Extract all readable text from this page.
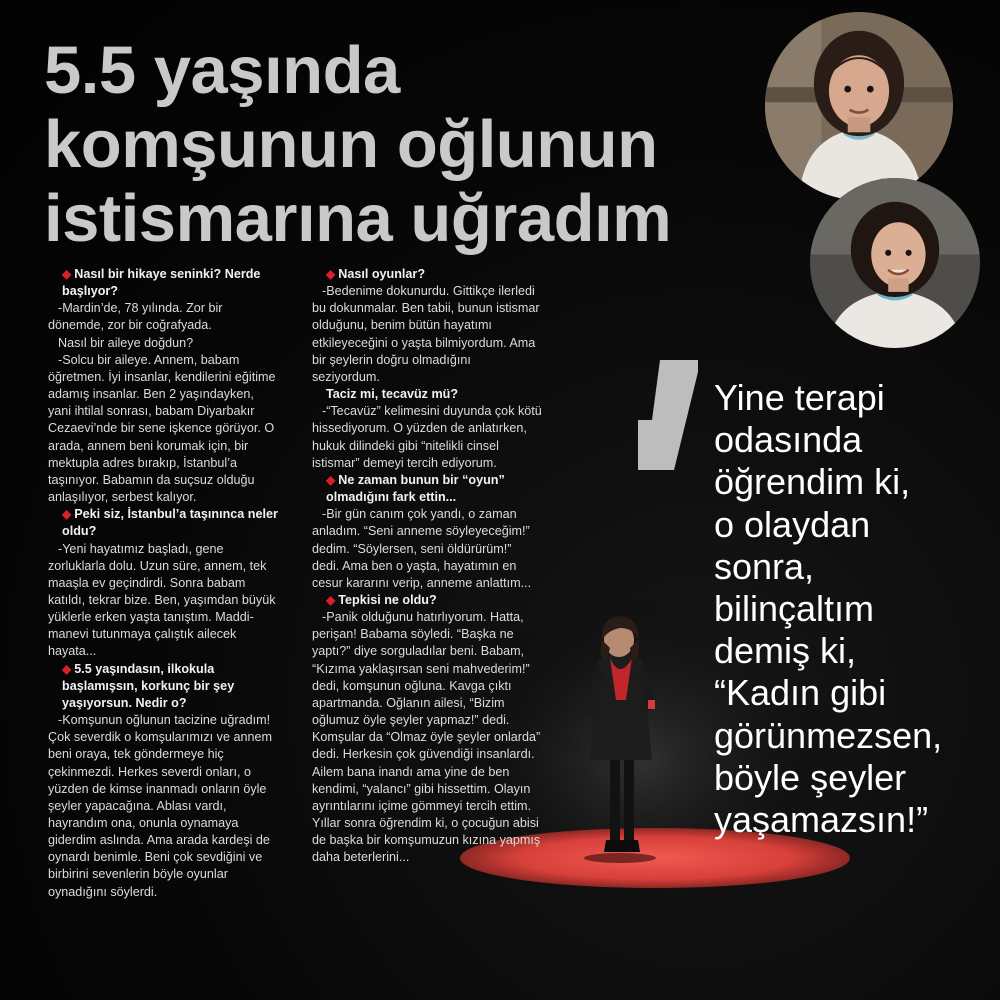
5.5 yaşında
komşunun oğlunun
istismarına uğradım
◆ Nasıl bir hikaye seninki? Nerde başlıyor?
-Mardin’de, 78 yılında. Zor bir dönemde, zor bir coğrafyada.
Nasıl bir aileye doğdun?
-Solcu bir aileye. Annem, babam öğretmen. İyi insanlar, kendilerini eğitime adamış insanlar. Ben 2 yaşındayken, yani ihtilal sonrası, babam Diyarbakır Cezaevi’nde bir sene işkence görüyor. O arada, annem beni korumak için, bir mektupla adres bırakıp, İstanbul’a taşınıyor. Babamın da suçsuz olduğu anlaşılıyor, serbest kalıyor.
◆ Peki siz, İstanbul’a taşınınca neler oldu?
-Yeni hayatımız başladı, gene zorluklarla dolu. Uzun süre, annem, tek maaşla ev geçindirdi. Sonra babam katıldı, tekrar bize. Ben, yaşımdan büyük yüklerle erken yaşta tanıştım. Maddi-manevi tutunmaya çalıştık ailecek hayata...
◆ 5.5 yaşındasın, ilkokula başlamışsın, korkunç bir şey yaşıyorsun. Nedir o?
-Komşunun oğlunun tacizine uğradım! Çok severdik o komşularımızı ve annem beni oraya, tek göndermeye hiç çekinmezdi. Herkes severdi onları, o yüzden de kimse inanmadı onların öyle şeyler yapacağına. Ablası vardı, hayrandım ona, onunla oynamaya giderdim aslında. Ama arada kardeşi de oynardı benimle. Beni çok sevdiğini ve birbirini sevenlerin böyle oyunlar oynadığını söylerdi.
◆ Nasıl oyunlar?
-Bedenime dokunurdu. Gittikçe ilerledi bu dokunmalar. Ben tabii, bunun istismar olduğunu, benim bütün hayatımı etkileyeceğini o yaşta bilmiyordum. Ama bir şeylerin doğru olmadığını seziyordum.
Taciz mi, tecavüz mü?
-“Tecavüz” kelimesini duyunda çok kötü hissediyorum. O yüzden de anlatırken, hukuk dilindeki gibi “nitelikli cinsel istismar” demeyi tercih ediyorum.
◆ Ne zaman bunun bir “oyun” olmadığını fark ettin...
-Bir gün canım çok yandı, o zaman anladım. “Seni anneme söyleyeceğim!” dedim. “Söylersen, seni öldürürüm!” dedi. Ama ben o yaşta, hayatımın en cesur kararını verip, anneme anlattım...
◆ Tepkisi ne oldu?
-Panik olduğunu hatırlıyorum. Hatta, perişan! Babama söyledi. “Başka ne yaptı?” diye sorguladılar beni. Babam, “Kızıma yaklaşırsan seni mahvederim!” dedi, komşunun oğluna. Kavga çıktı apartmanda. Oğlanın ailesi, “Bizim oğlumuz öyle şeyler yapmaz!” dedi. Komşular da “Olmaz öyle şeyler onlarda” dedi. Herkesin çok güvendiği insanlardı. Ailem bana inandı ama yine de ben kendimi, “yalancı” gibi hissettim. Olayın ayrıntılarını içime gömmeyi tercih ettim. Yıllar sonra öğrendim ki, o çocuğun abisi de başka bir komşumuzun kızına yapmış daha beterlerini...
Yine terapi
odasında
öğrendim ki,
o olaydan
sonra,
bilinçaltım
demiş ki,
“Kadın gibi
görünmezsen,
böyle şeyler
yaşamazsın!”
